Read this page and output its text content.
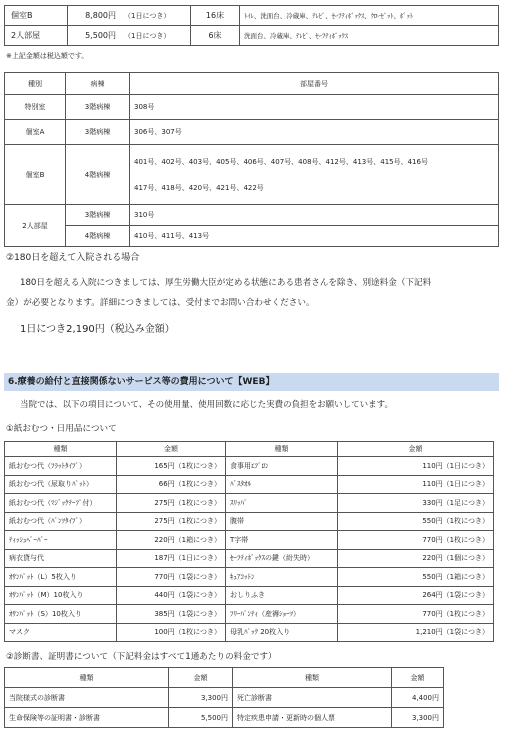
個室B	8,800円	（1日につき）	16床	ﾄｲﾚ、洗面台、冷蔵庫、ﾃﾚﾋﾞ、ｾｰﾌﾃｨﾎﾞｯｸｽ、ｸﾛｰｾﾞｯﾄ、ﾎﾟｯﾄ
2人部屋	5,500円	（1日につき）	6床	洗面台、冷蔵庫、ﾃﾚﾋﾞ、ｾｰﾌﾃｨﾎﾞｯｸｽ
※上記金額は税込額です。
種別	病棟	部屋番号
特別室	3階病棟	308号

個室A	3階病棟	306号、307号

個室B	4階病棟	401号、402号、403号、405号、406号、407号、408号、412号、413号、415号、416号
417号、418号、420号、421号、422号

2人部屋	3階病棟	310号

	4階病棟	410号、411号、413号
②180日を超えて入院される場合
180日を超える入院につきましては、厚生労働大臣が定める状態にある患者さんを除き、別途料金（下記料
金）が必要となります。詳細につきましては、受付までお問い合わせください。
1日につき2,190円（税込み金額）
6.療養の給付と直接関係ないサービス等の費用について【WEB】
当院では、以下の項目について、その使用量、使用回数に応じた実費の負担をお願いしています。
①紙おむつ・日用品について
種類	金額	種類	金額
紙おむつ代（ﾌﾗｯﾄﾀｲﾌﾟ）	165円（1枚につき）	食事用ｴﾌﾟﾛﾝ	110円（1日につき）
紙おむつ代（尿取りﾊﾟｯﾄ）	66円（1枚につき）	ﾊﾞｽﾀｵﾙ	110円（1日につき）
紙おむつ代（ﾏｼﾞｯｸﾃｰﾌﾟ付）	275円（1枚につき）	ｽﾘｯﾊﾟ	330円（1足につき）
紙おむつ代（ﾊﾟﾝﾂﾀｲﾌﾟ）	275円（1枚につき）	腹帯	550円（1枚につき）
ﾃｨｯｼｭﾍﾟｰﾊﾟｰ	220円（1箱につき）	T字帯	770円（1枚につき）
病衣貸与代	187円（1日につき）	ｾｰﾌﾃｨﾎﾞｯｸｽの鍵（紛失時）	220円（1個につき）
ｵｻﾝﾊﾟｯﾄ（L）5枚入り	770円（1袋につき）	ｷｭｱｺｯﾄﾝ	550円（1箱につき）
ｵｻﾝﾊﾟｯﾄ（M）10枚入り	440円（1袋につき）	おしりふき	264円（1袋につき）
ｵｻﾝﾊﾟｯﾄ（S）10枚入り	385円（1袋につき）	ﾌﾘｰﾊﾟﾝﾃｨ（産褥ｼｮｰﾂ）	770円（1枚につき）
マスク	100円（1枚につき）	母乳ﾊﾟｯｸ 20枚入り	1,210円（1袋につき）
②診断書、証明書について（下記料金はすべて1通あたりの料金です）
種類	金額	種類	金額
当院様式の診断書	3,300円	死亡診断書	4,400円
生命保険等の証明書・診断書	5,500円	特定疾患申請・更新時の個人票	3,300円
